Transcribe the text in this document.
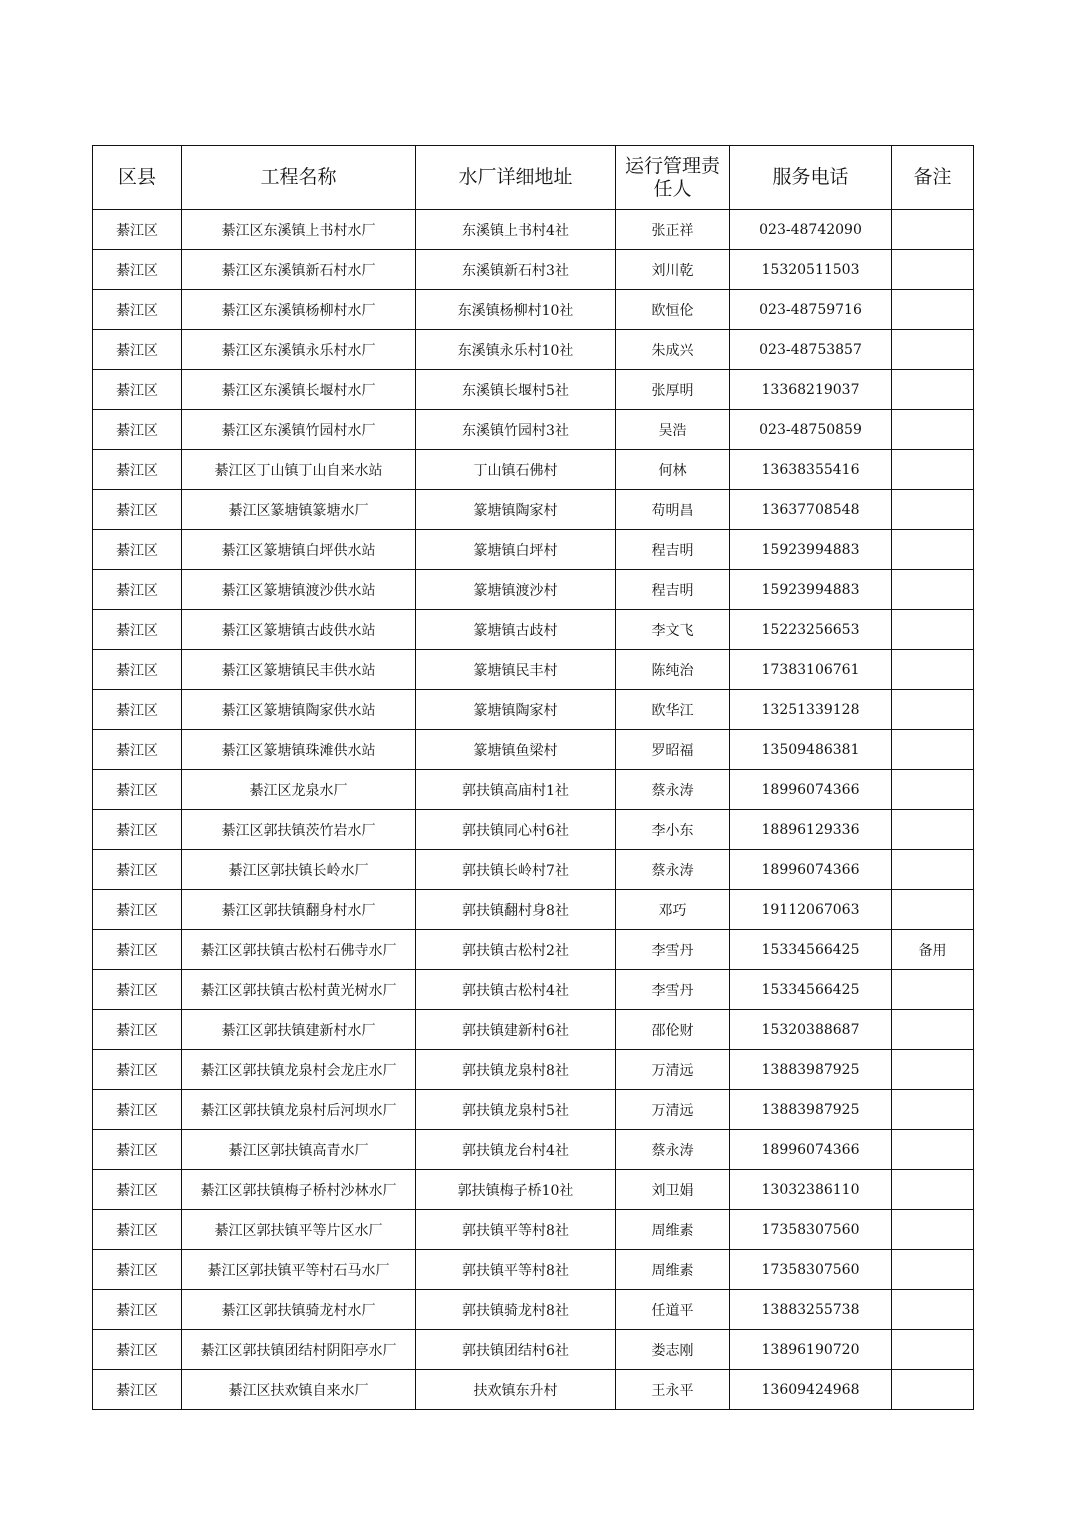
区县	工程名称	水厂详细地址	运行管理责任人	服务电话	备注
綦江区	綦江区东溪镇上书村水厂	东溪镇上书村4社	张正祥	023-48742090	
綦江区	綦江区东溪镇新石村水厂	东溪镇新石村3社	刘川乾	15320511503	
綦江区	綦江区东溪镇杨柳村水厂	东溪镇杨柳村10社	欧恒伦	023-48759716	
綦江区	綦江区东溪镇永乐村水厂	东溪镇永乐村10社	朱成兴	023-48753857	
綦江区	綦江区东溪镇长堰村水厂	东溪镇长堰村5社	张厚明	13368219037	
綦江区	綦江区东溪镇竹园村水厂	东溪镇竹园村3社	吴浩	023-48750859	
綦江区	綦江区丁山镇丁山自来水站	丁山镇石佛村	何林	13638355416	
綦江区	綦江区篆塘镇篆塘水厂	篆塘镇陶家村	苟明昌	13637708548	
綦江区	綦江区篆塘镇白坪供水站	篆塘镇白坪村	程吉明	15923994883	
綦江区	綦江区篆塘镇渡沙供水站	篆塘镇渡沙村	程吉明	15923994883	
綦江区	綦江区篆塘镇古歧供水站	篆塘镇古歧村	李文飞	15223256653	
綦江区	綦江区篆塘镇民丰供水站	篆塘镇民丰村	陈纯治	17383106761	
綦江区	綦江区篆塘镇陶家供水站	篆塘镇陶家村	欧华江	13251339128	
綦江区	綦江区篆塘镇珠滩供水站	篆塘镇鱼梁村	罗昭福	13509486381	
綦江区	綦江区龙泉水厂	郭扶镇高庙村1社	蔡永涛	18996074366	
綦江区	綦江区郭扶镇茨竹岩水厂	郭扶镇同心村6社	李小东	18896129336	
綦江区	綦江区郭扶镇长岭水厂	郭扶镇长岭村7社	蔡永涛	18996074366	
綦江区	綦江区郭扶镇翻身村水厂	郭扶镇翻村身8社	邓巧	19112067063	
綦江区	綦江区郭扶镇古松村石佛寺水厂	郭扶镇古松村2社	李雪丹	15334566425	备用
綦江区	綦江区郭扶镇古松村黄光树水厂	郭扶镇古松村4社	李雪丹	15334566425	
綦江区	綦江区郭扶镇建新村水厂	郭扶镇建新村6社	邵伦财	15320388687	
綦江区	綦江区郭扶镇龙泉村会龙庄水厂	郭扶镇龙泉村8社	万清远	13883987925	
綦江区	綦江区郭扶镇龙泉村后河坝水厂	郭扶镇龙泉村5社	万清远	13883987925	
綦江区	綦江区郭扶镇高青水厂	郭扶镇龙台村4社	蔡永涛	18996074366	
綦江区	綦江区郭扶镇梅子桥村沙林水厂	郭扶镇梅子桥10社	刘卫娟	13032386110	
綦江区	綦江区郭扶镇平等片区水厂	郭扶镇平等村8社	周维素	17358307560	
綦江区	綦江区郭扶镇平等村石马水厂	郭扶镇平等村8社	周维素	17358307560	
綦江区	綦江区郭扶镇骑龙村水厂	郭扶镇骑龙村8社	任道平	13883255738	
綦江区	綦江区郭扶镇团结村阴阳亭水厂	郭扶镇团结村6社	娄志刚	13896190720	
綦江区	綦江区扶欢镇自来水厂	扶欢镇东升村	王永平	13609424968	
